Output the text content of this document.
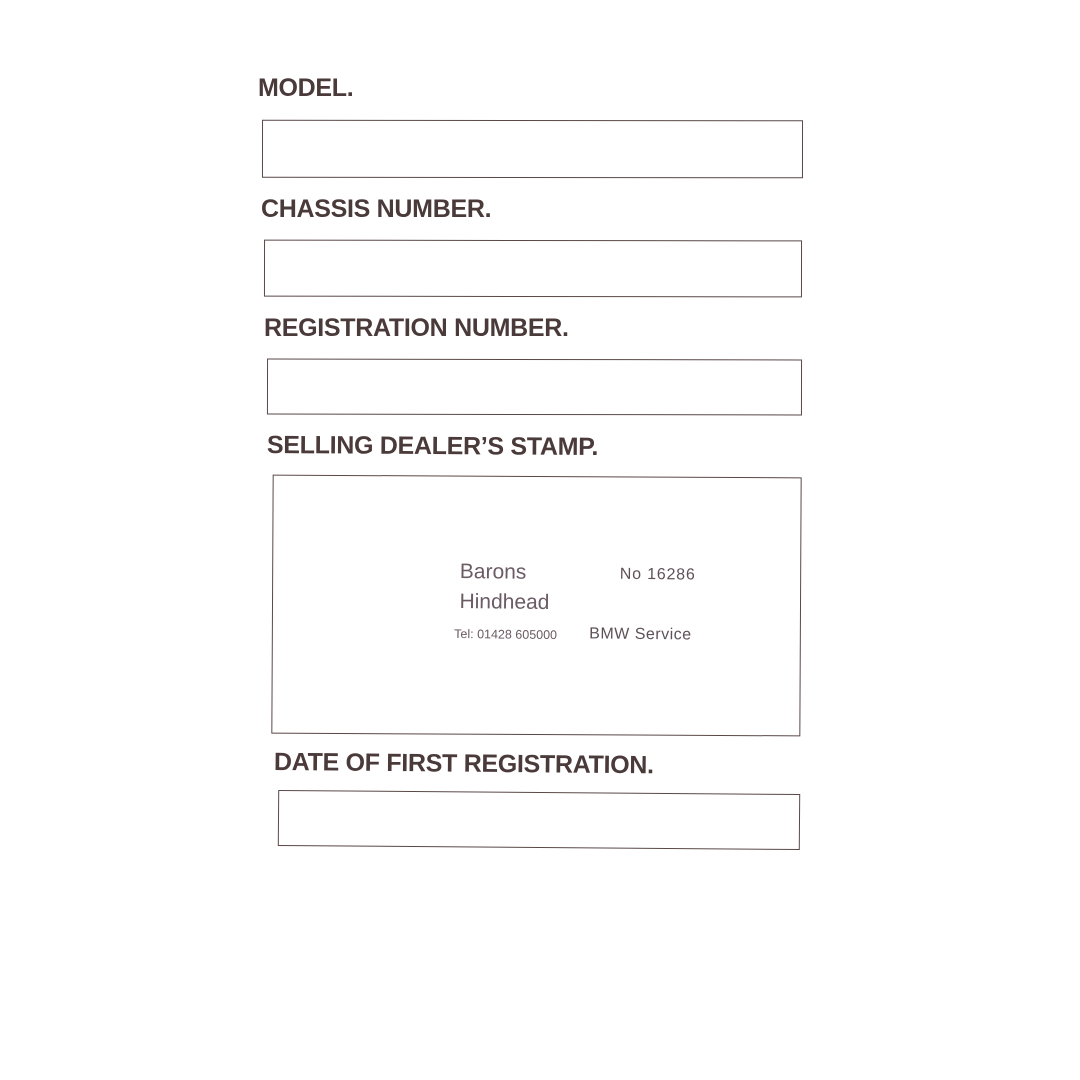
MODEL.
CHASSIS NUMBER.
REGISTRATION NUMBER.
SELLING DEALER’S STAMP.
Barons
Hindhead
No 16286
Tel: 01428 605000 BMW Service
DATE OF FIRST REGISTRATION.
